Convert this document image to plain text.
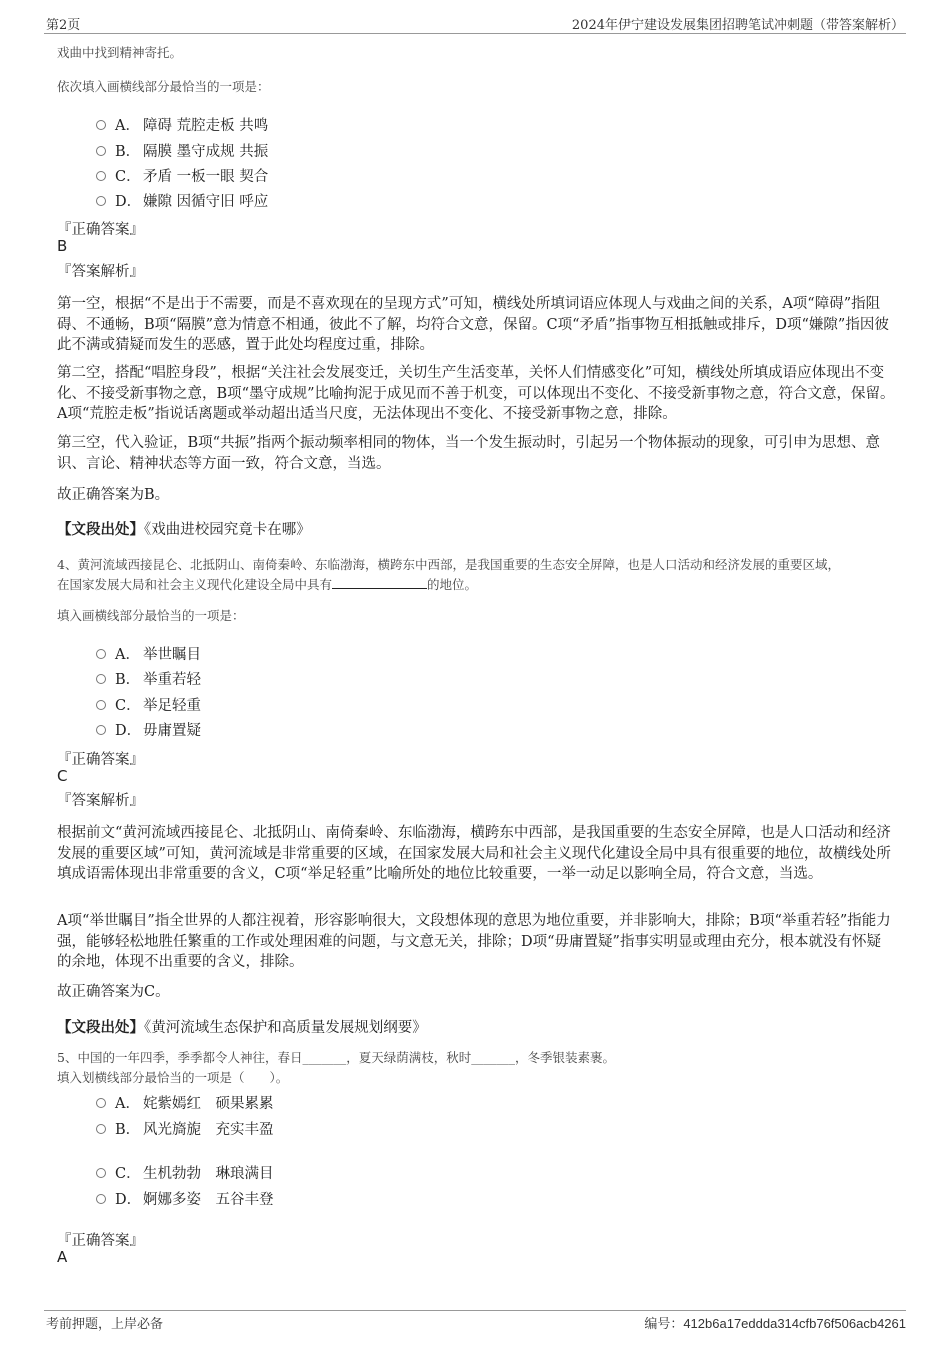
第2页	2024年伊宁建设发展集团招聘笔试冲刺题（带答案解析）
戏曲中找到精神寄托。
依次填入画横线部分最恰当的一项是：
A． 障碍 荒腔走板 共鸣
B． 隔膜 墨守成规 共振
C． 矛盾 一板一眼 契合
D． 嫌隙 因循守旧 呼应
『正确答案』
B
『答案解析』
第一空，根据“不是出于不需要，而是不喜欢现在的呈现方式”可知，横线处所填词语应体现人与戏曲之间的关系，A项“障碍”指阻碍、不通畅，B项“隔膜”意为情意不相通，彼此不了解，均符合文意，保留。C项“矛盾”指事物互相抵触或排斥，D项“嫌隙”指因彼此不满或猜疑而发生的恶感，置于此处均程度过重，排除。
第二空，搭配“唱腔身段”，根据“关注社会发展变迁，关切生产生活变革，关怀人们情感变化”可知，横线处所填成语应体现出不变化、不接受新事物之意，B项“墨守成规”比喻拘泥于成见而不善于机变，可以体现出不变化、不接受新事物之意，符合文意，保留。A项“荒腔走板”指说话离题或举动超出适当尺度，无法体现出不变化、不接受新事物之意，排除。
第三空，代入验证，B项“共振”指两个振动频率相同的物体，当一个发生振动时，引起另一个物体振动的现象，可引申为思想、意识、言论、精神状态等方面一致，符合文意，当选。
故正确答案为B。
【文段出处】《戏曲进校园究竟卡在哪》
4、黄河流域西接昆仑、北抵阴山、南倚秦岭、东临渤海，横跨东中西部，是我国重要的生态安全屏障，也是人口活动和经济发展的重要区域，
在国家发展大局和社会主义现代化建设全局中具有	的地位。
填入画横线部分最恰当的一项是：
A． 举世瞩目
B． 举重若轻
C． 举足轻重
D． 毋庸置疑
『正确答案』
C
『答案解析』
根据前文“黄河流域西接昆仑、北抵阴山、南倚秦岭、东临渤海，横跨东中西部，是我国重要的生态安全屏障，也是人口活动和经济发展的重要区域”可知，黄河流域是非常重要的区域，在国家发展大局和社会主义现代化建设全局中具有很重要的地位，故横线处所填成语需体现出非常重要的含义，C项“举足轻重”比喻所处的地位比较重要，一举一动足以影响全局，符合文意，当选。
A项“举世瞩目”指全世界的人都注视着，形容影响很大，文段想体现的意思为地位重要，并非影响大，排除；B项“举重若轻”指能力强，能够轻松地胜任繁重的工作或处理困难的问题，与文意无关，排除；D项“毋庸置疑”指事实明显或理由充分，根本就没有怀疑的余地，体现不出重要的含义，排除。
故正确答案为C。
【文段出处】《黄河流域生态保护和高质量发展规划纲要》
5、中国的一年四季，季季都令人神往，春日_______，夏天绿荫满枝，秋时_______，冬季银装素裹。
填入划横线部分最恰当的一项是（　　）。
A． 姹紫嫣红　硕果累累
B． 风光旖旎　充实丰盈
C． 生机勃勃　琳琅满目
D． 婀娜多姿　五谷丰登
『正确答案』
A
考前押题，上岸必备	编号：412b6a17eddda314cfb76f506acb4261
